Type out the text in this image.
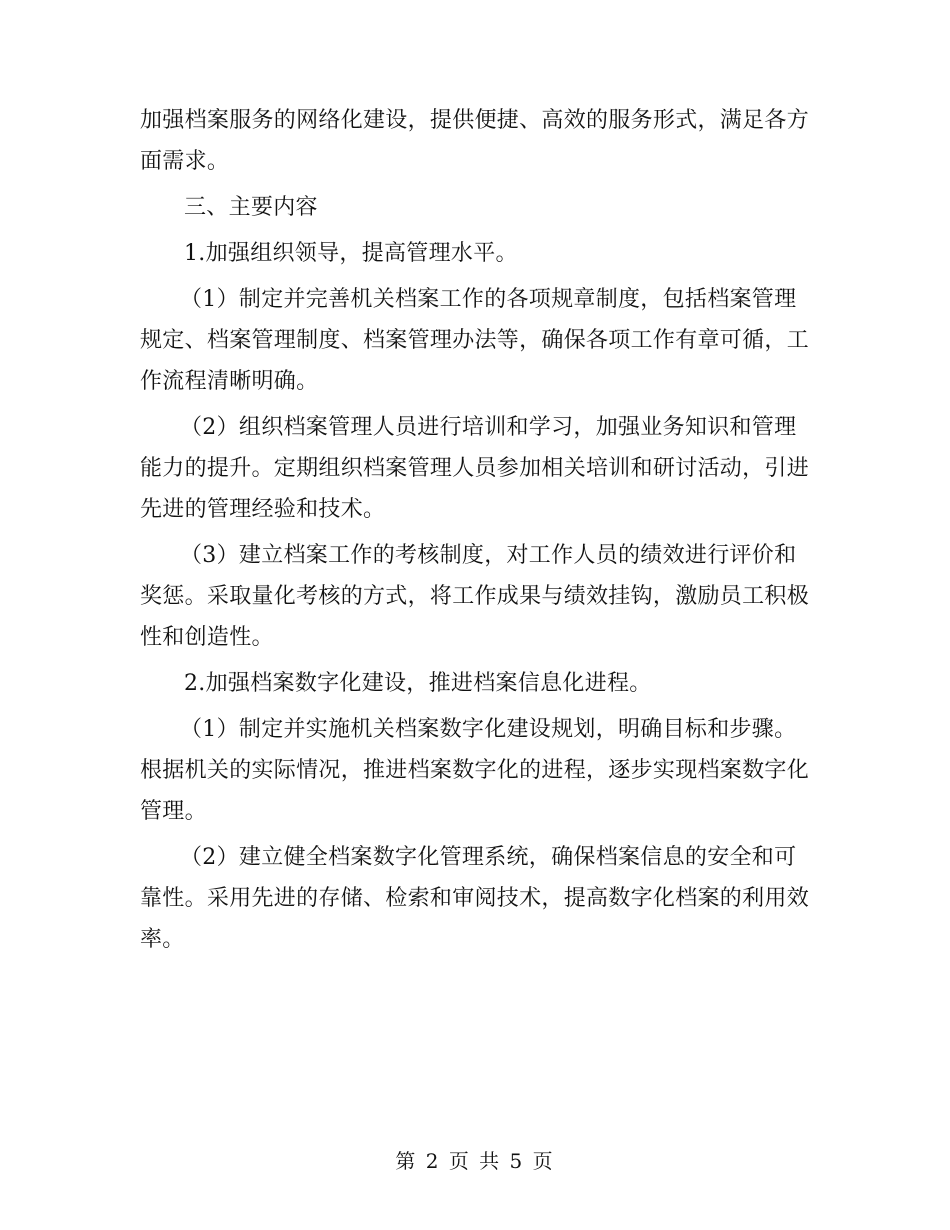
加强档案服务的网络化建设，提供便捷、高效的服务形式，满足各方面需求。

三、主要内容

1.加强组织领导，提高管理水平。

（1）制定并完善机关档案工作的各项规章制度，包括档案管理规定、档案管理制度、档案管理办法等，确保各项工作有章可循，工作流程清晰明确。

（2）组织档案管理人员进行培训和学习，加强业务知识和管理能力的提升。定期组织档案管理人员参加相关培训和研讨活动，引进先进的管理经验和技术。

（3）建立档案工作的考核制度，对工作人员的绩效进行评价和奖惩。采取量化考核的方式，将工作成果与绩效挂钩，激励员工积极性和创造性。

2.加强档案数字化建设，推进档案信息化进程。

（1）制定并实施机关档案数字化建设规划，明确目标和步骤。根据机关的实际情况，推进档案数字化的进程，逐步实现档案数字化管理。

（2）建立健全档案数字化管理系统，确保档案信息的安全和可靠性。采用先进的存储、检索和审阅技术，提高数字化档案的利用效率。

第 2 页 共 5 页
